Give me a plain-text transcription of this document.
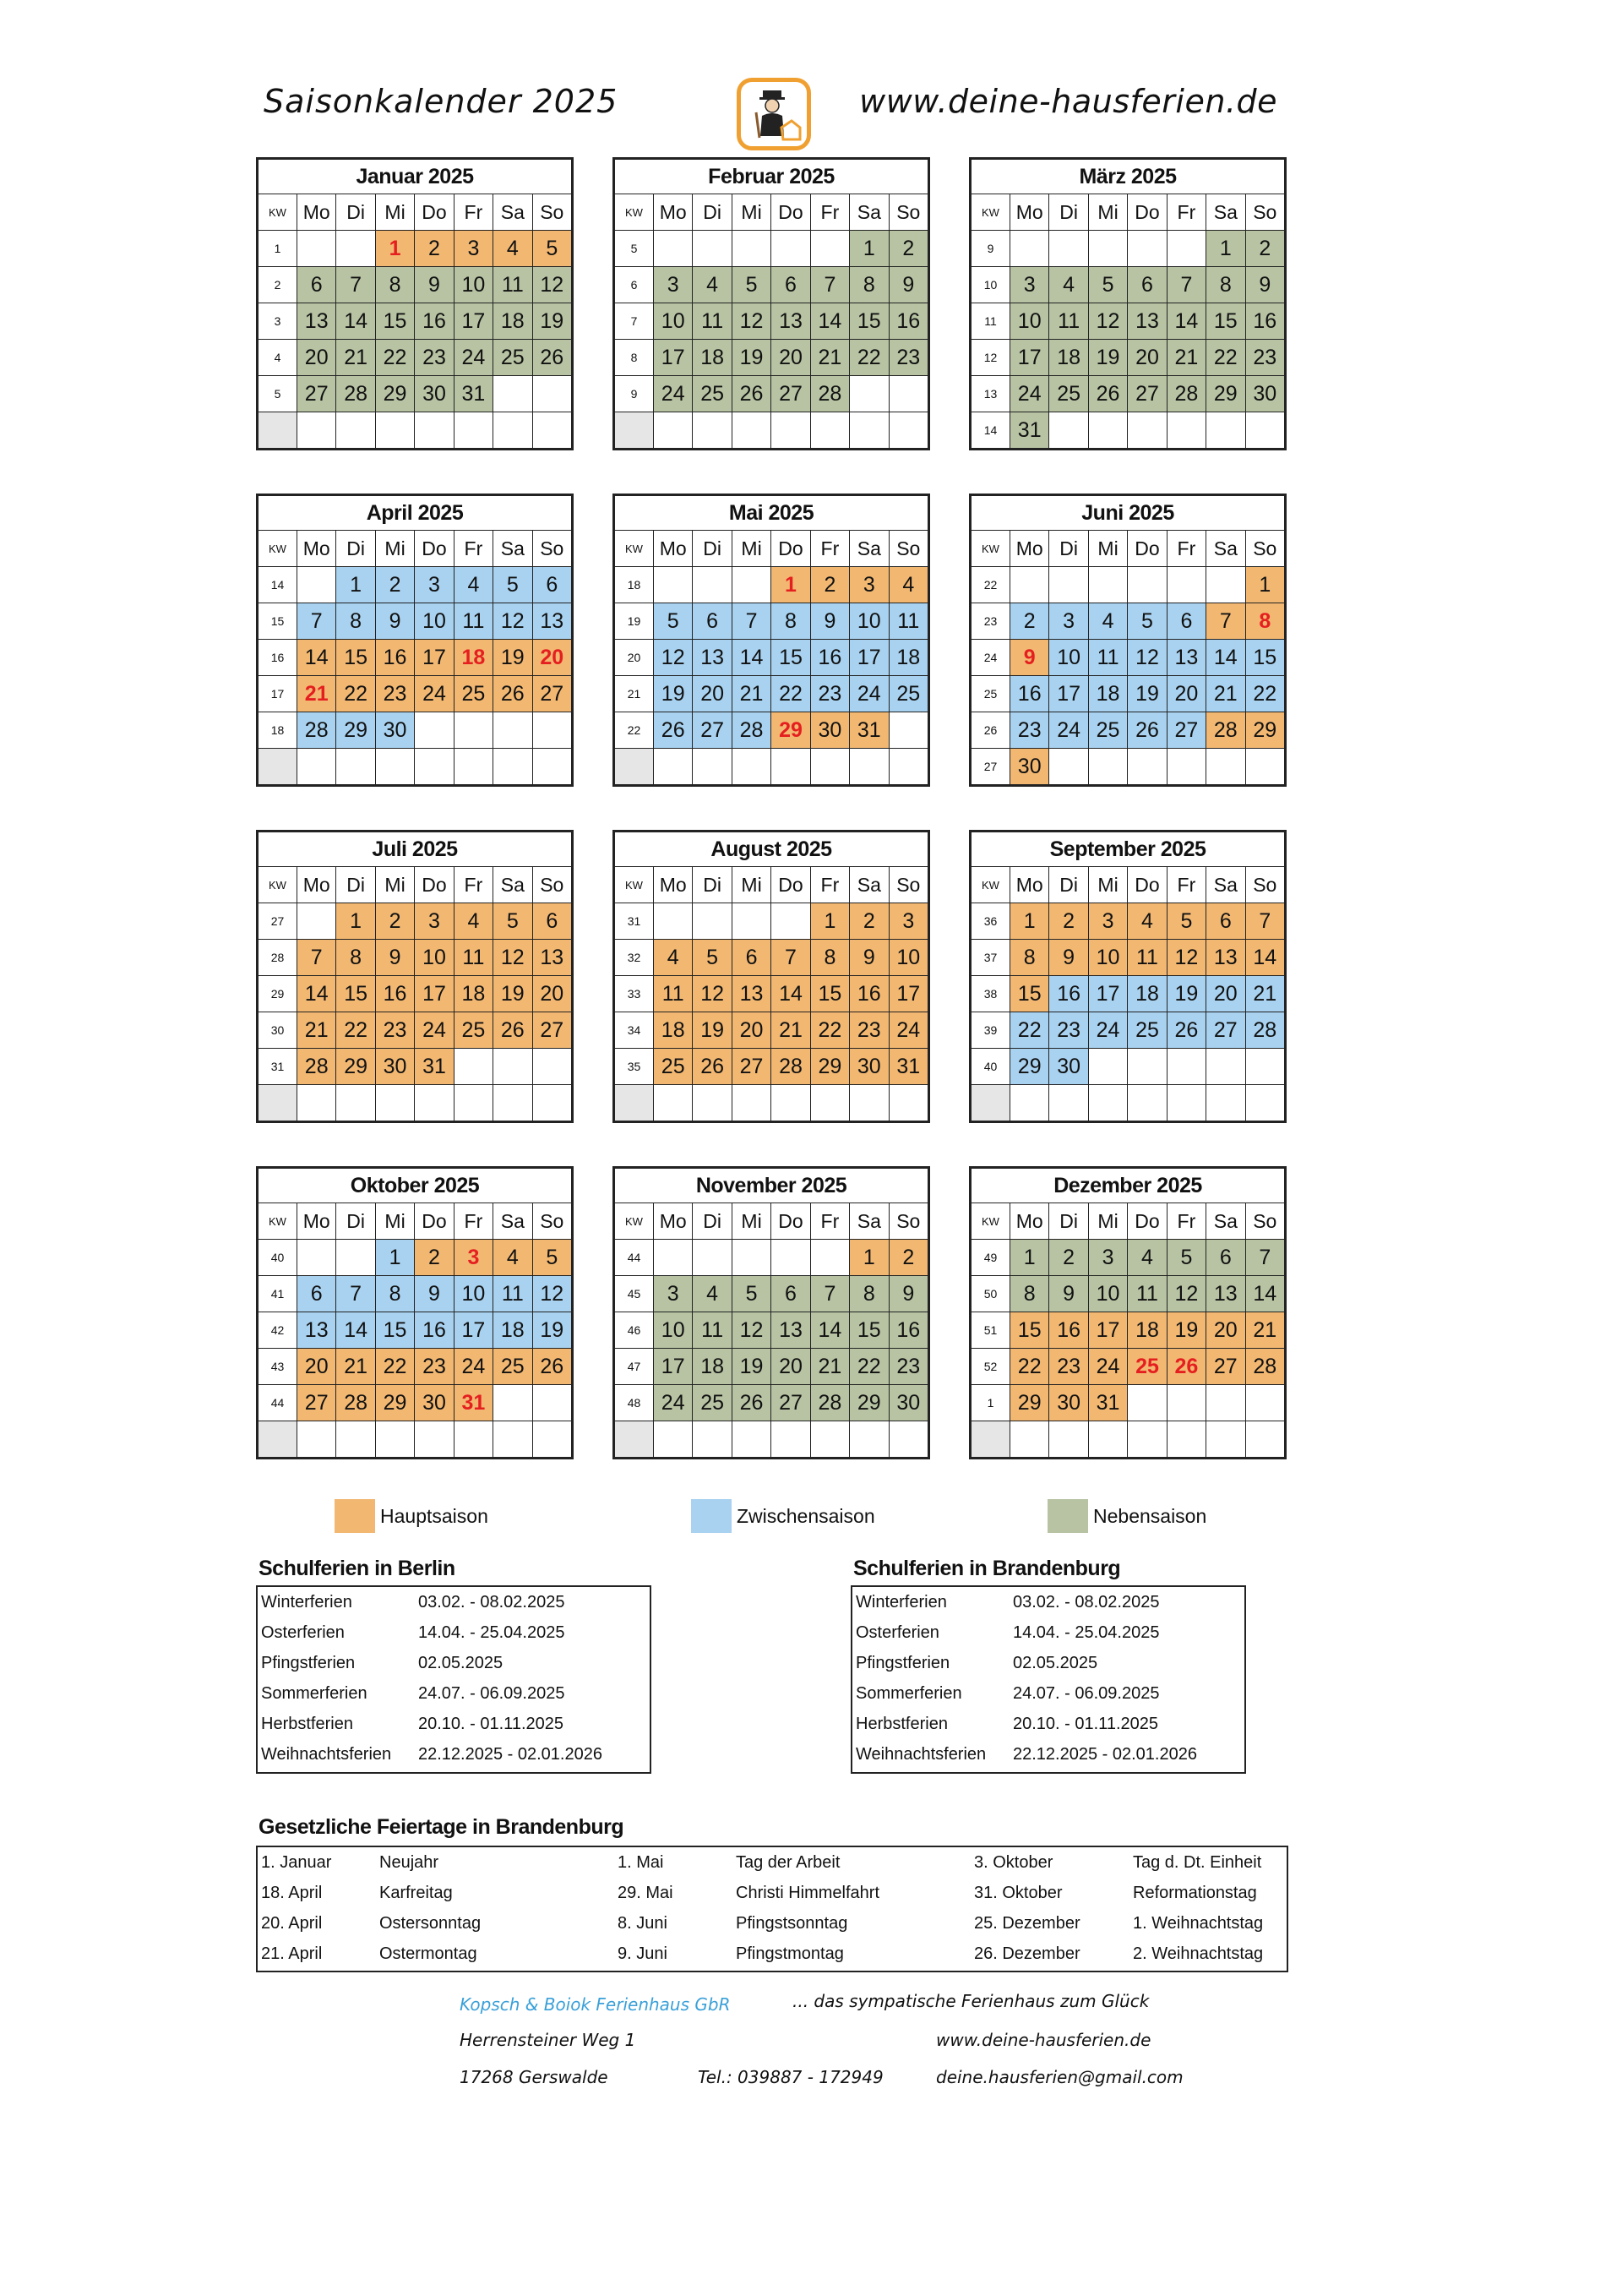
Saisonkalender 2025	www.deine-hausferien.de
Januar 2025							
KW	Mo	Di	Mi	Do	Fr	Sa	So
1			1	2	3	4	5
2	6	7	8	9	10	11	12
3	13	14	15	16	17	18	19
4	20	21	22	23	24	25	26
5	27	28	29	30	31		

Februar 2025							
KW	Mo	Di	Mi	Do	Fr	Sa	So
5						1	2
6	3	4	5	6	7	8	9
7	10	11	12	13	14	15	16
8	17	18	19	20	21	22	23
9	24	25	26	27	28		

März 2025							
KW	Mo	Di	Mi	Do	Fr	Sa	So
9						1	2
10	3	4	5	6	7	8	9
11	10	11	12	13	14	15	16
12	17	18	19	20	21	22	23
13	24	25	26	27	28	29	30
14	31						
April 2025							
KW	Mo	Di	Mi	Do	Fr	Sa	So
14		1	2	3	4	5	6
15	7	8	9	10	11	12	13
16	14	15	16	17	18	19	20
17	21	22	23	24	25	26	27
18	28	29	30				

Mai 2025							
KW	Mo	Di	Mi	Do	Fr	Sa	So
18				1	2	3	4
19	5	6	7	8	9	10	11
20	12	13	14	15	16	17	18
21	19	20	21	22	23	24	25
22	26	27	28	29	30	31	

Juni 2025							
KW	Mo	Di	Mi	Do	Fr	Sa	So
22							1
23	2	3	4	5	6	7	8
24	9	10	11	12	13	14	15
25	16	17	18	19	20	21	22
26	23	24	25	26	27	28	29
27	30						
Juli 2025							
KW	Mo	Di	Mi	Do	Fr	Sa	So
27		1	2	3	4	5	6
28	7	8	9	10	11	12	13
29	14	15	16	17	18	19	20
30	21	22	23	24	25	26	27
31	28	29	30	31			

August 2025							
KW	Mo	Di	Mi	Do	Fr	Sa	So
31					1	2	3
32	4	5	6	7	8	9	10
33	11	12	13	14	15	16	17
34	18	19	20	21	22	23	24
35	25	26	27	28	29	30	31

September 2025							
KW	Mo	Di	Mi	Do	Fr	Sa	So
36	1	2	3	4	5	6	7
37	8	9	10	11	12	13	14
38	15	16	17	18	19	20	21
39	22	23	24	25	26	27	28
40	29	30					

Oktober 2025							
KW	Mo	Di	Mi	Do	Fr	Sa	So
40			1	2	3	4	5
41	6	7	8	9	10	11	12
42	13	14	15	16	17	18	19
43	20	21	22	23	24	25	26
44	27	28	29	30	31		

November 2025							
KW	Mo	Di	Mi	Do	Fr	Sa	So
44						1	2
45	3	4	5	6	7	8	9
46	10	11	12	13	14	15	16
47	17	18	19	20	21	22	23
48	24	25	26	27	28	29	30

Dezember 2025							
KW	Mo	Di	Mi	Do	Fr	Sa	So
49	1	2	3	4	5	6	7
50	8	9	10	11	12	13	14
51	15	16	17	18	19	20	21
52	22	23	24	25	26	27	28
1	29	30	31				

Hauptsaison	Zwischensaison	Nebensaison
Schulferien in Berlin
Winterferien	03.02. - 08.02.2025
Osterferien	14.04. - 25.04.2025
Pfingstferien	02.05.2025
Sommerferien	24.07. - 06.09.2025
Herbstferien	20.10. - 01.11.2025
Weihnachtsferien	22.12.2025 - 02.01.2026
Schulferien in Brandenburg
Winterferien	03.02. - 08.02.2025
Osterferien	14.04. - 25.04.2025
Pfingstferien	02.05.2025
Sommerferien	24.07. - 06.09.2025
Herbstferien	20.10. - 01.11.2025
Weihnachtsferien	22.12.2025 - 02.01.2026
Gesetzliche Feiertage in Brandenburg
1. Januar	Neujahr	1. Mai	Tag der Arbeit	3. Oktober	Tag d. Dt. Einheit
18. April	Karfreitag	29. Mai	Christi Himmelfahrt	31. Oktober	Reformationstag
20. April	Ostersonntag	8. Juni	Pfingstsonntag	25. Dezember	1. Weihnachtstag
21. April	Ostermontag	9. Juni	Pfingstmontag	26. Dezember	2. Weihnachtstag
Kopsch & Boiok Ferienhaus GbR	... das sympatische Ferienhaus zum Glück
Herrensteiner Weg 1	www.deine-hausferien.de
17268 Gerswalde	Tel.: 039887 - 172949	deine.hausferien@gmail.com
